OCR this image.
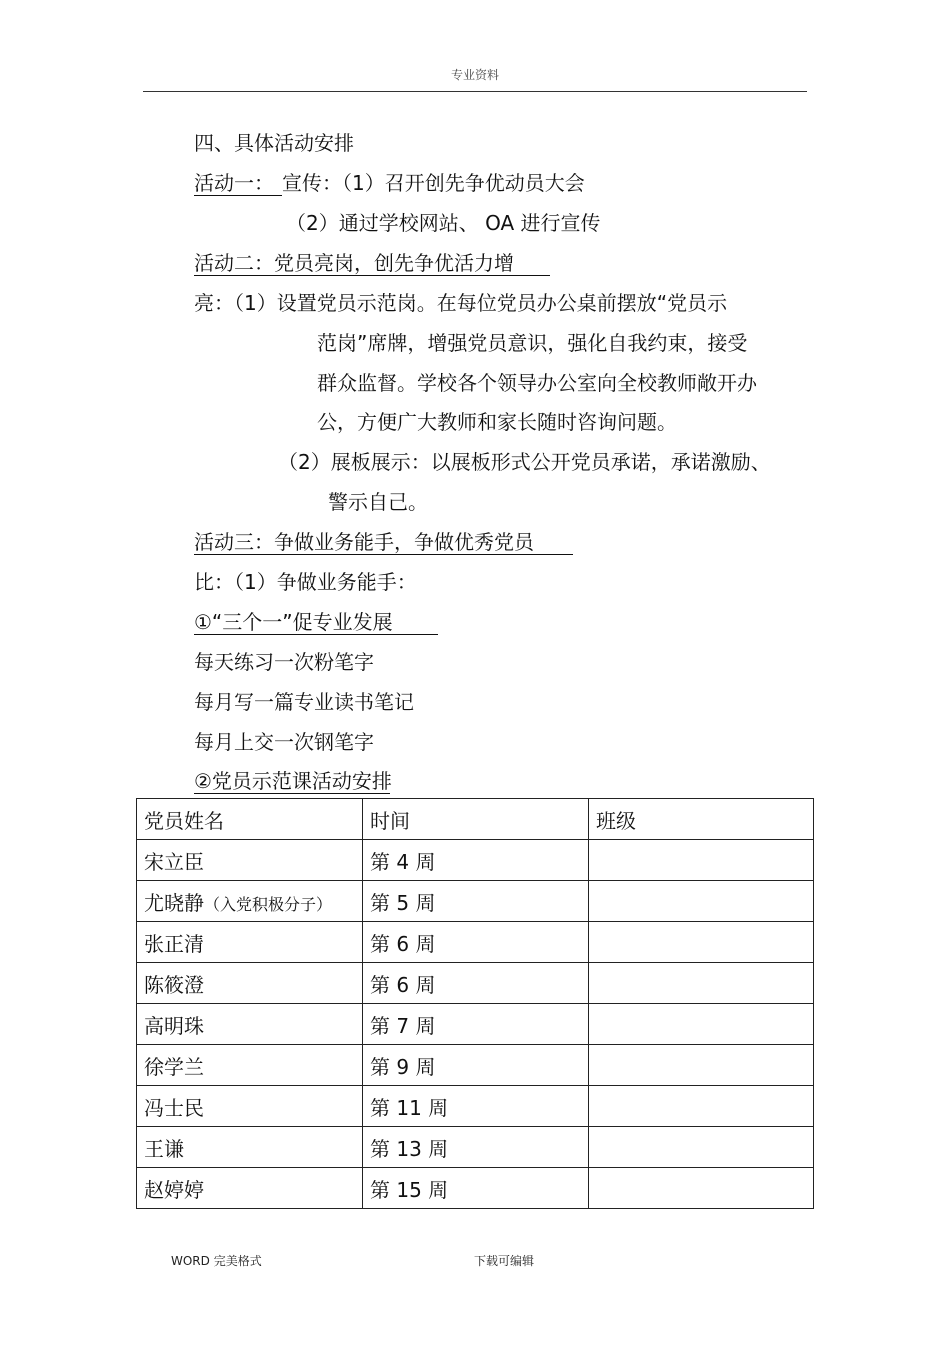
专业资料
四、具体活动安排
活动一： 宣传：（1）召开创先争优动员大会
（2）通过学校网站、 OA 进行宣传
活动二：党员亮岗，创先争优活力增
亮：（1）设置党员示范岗。在每位党员办公桌前摆放“党员示
范岗”席牌，增强党员意识，强化自我约束，接受
群众监督。学校各个领导办公室向全校教师敞开办
公，方便广大教师和家长随时咨询问题。
（2）展板展示：以展板形式公开党员承诺，承诺激励、
警示自己。
活动三：争做业务能手，争做优秀党员
比：（1）争做业务能手：
①“三个一”促专业发展
每天练习一次粉笔字
每月写一篇专业读书笔记
每月上交一次钢笔字
②党员示范课活动安排
党员姓名	时间	班级
宋立臣	第 4 周	
尤晓静（入党积极分子）	第 5 周	
张正清	第 6 周	
陈筱澄	第 6 周	
高明珠	第 7 周	
徐学兰	第 9 周	
冯士民	第 11 周	
王谦	第 13 周	
赵婷婷	第 15 周	
WORD 完美格式	下载可编辑
